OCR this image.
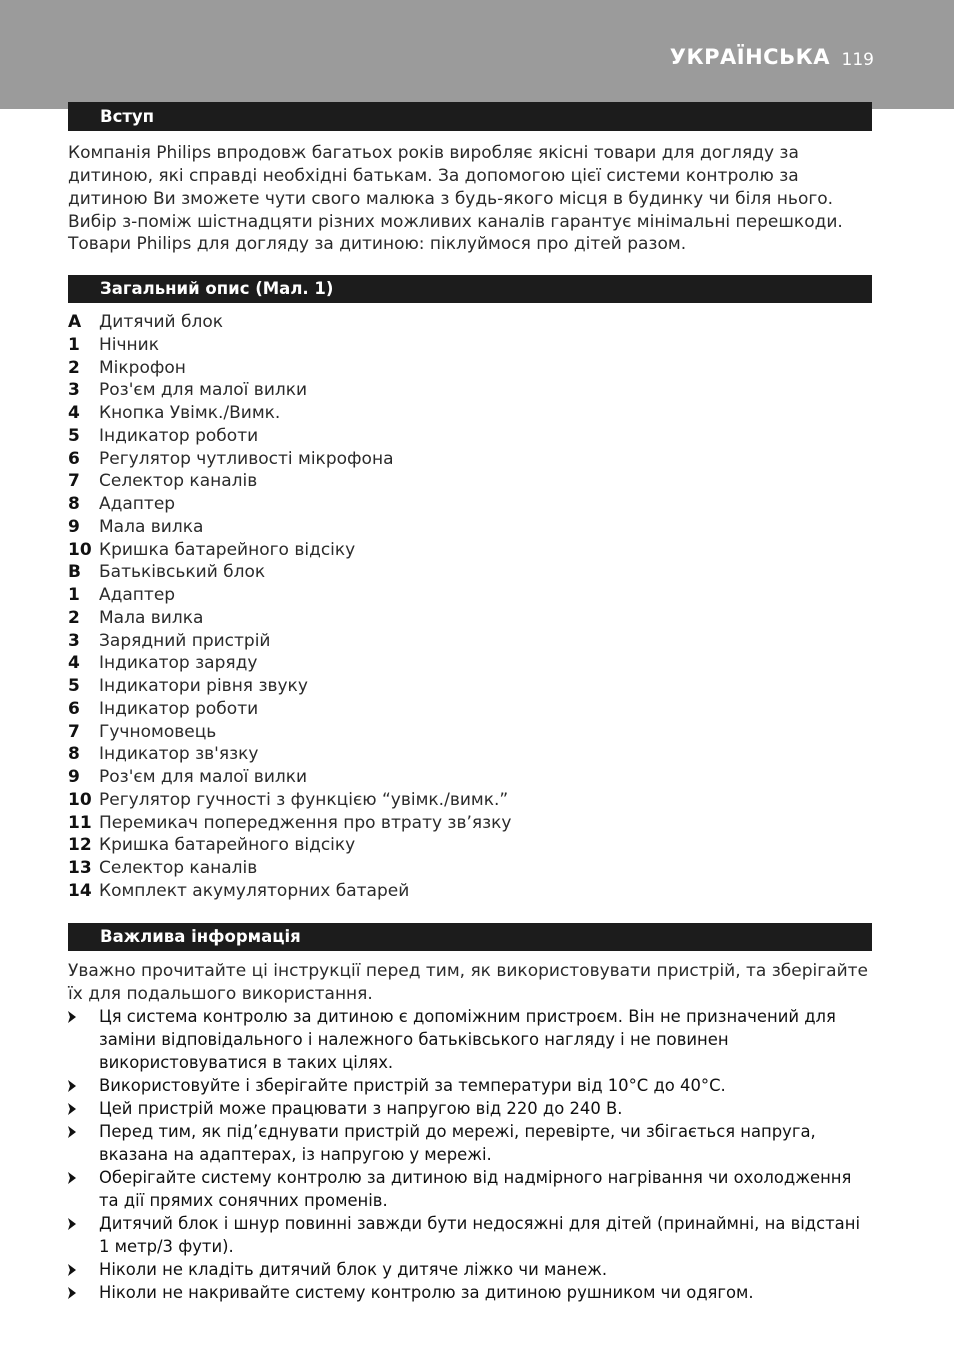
УКРАЇНСЬКА 119
Вступ

Компанія Philips впродовж багатьох років виробляє якісні товари для догляду за дитиною, які справді необхідні батькам. За допомогою цієї системи контролю за дитиною Ви зможете чути свого малюка з будь-якого місця в будинку чи біля нього. Вибір з-поміж шістнадцяти різних можливих каналів гарантує мінімальні перешкоди.

Товари Philips для догляду за дитиною: піклуймося про дітей разом.

Загальний опис (Мал. 1)
A Дитячий блок
1 Нічник
2 Мікрофон
3 Роз'єм для малої вилки
4 Кнопка Увімк./Вимк.
5 Індикатор роботи
6 Регулятор чутливості мікрофона
7 Селектор каналів
8 Адаптер
9 Мала вилка
10 Кришка батарейного відсіку
B Батьківський блок
1 Адаптер
2 Мала вилка
3 Зарядний пристрій
4 Індикатор заряду
5 Індикатори рівня звуку
6 Індикатор роботи
7 Гучномовець
8 Індикатор зв'язку
9 Роз'єм для малої вилки
10 Регулятор гучності з функцією “увімк./вимк.”
11 Перемикач попередження про втрату зв’язку
12 Кришка батарейного відсіку
13 Селектор каналів
14 Комплект акумуляторних батарей
Важлива інформація

Уважно прочитайте ці інструкції перед тим, як використовувати пристрій, та зберігайте їх для подальшого використання.

Ця система контролю за дитиною є допоміжним пристроєм. Він не призначений для заміни відповідального і належного батьківського нагляду і не повинен використовуватися в таких цілях.
Використовуйте і зберігайте пристрій за температури від 10°C до 40°C.
Цей пристрій може працювати з напругою від 220 до 240 В.
Перед тим, як під’єднувати пристрій до мережі, перевірте, чи збігається напруга, вказана на адаптерах, із напругою у мережі.
Оберігайте систему контролю за дитиною від надмірного нагрівання чи охолодження та дії прямих сонячних променів.
Дитячий блок і шнур повинні завжди бути недосяжні для дітей (принаймні, на відстані 1 метр/3 фути).
Ніколи не кладіть дитячий блок у дитяче ліжко чи манеж.
Ніколи не накривайте систему контролю за дитиною рушником чи одягом.
